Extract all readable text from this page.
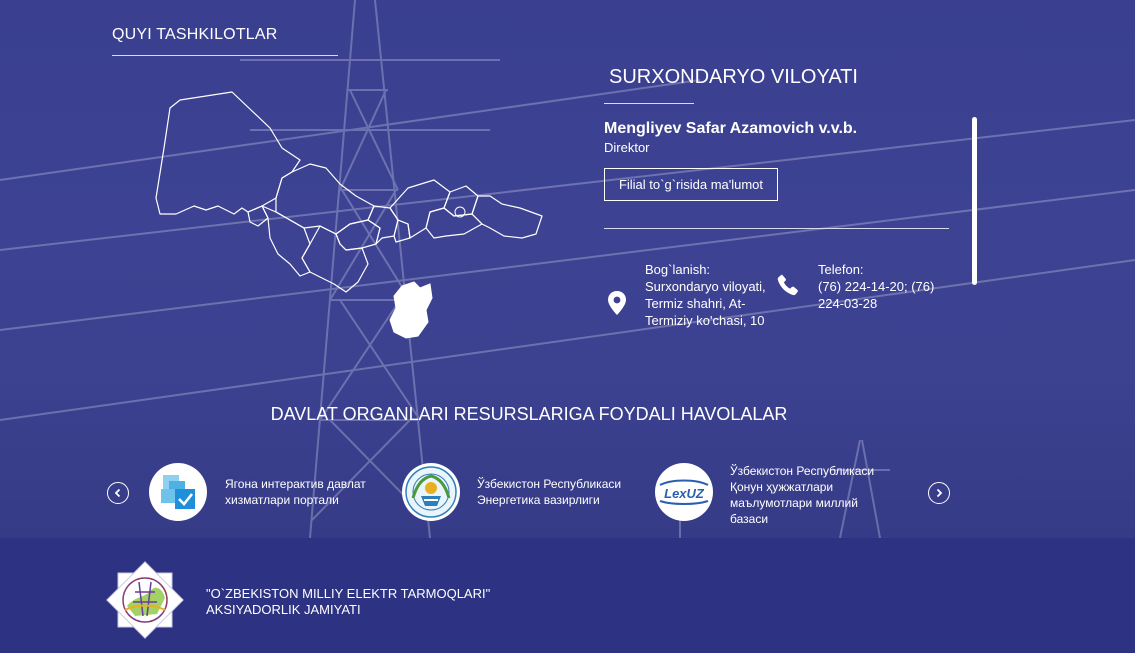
QUYI TASHKILOTLAR
SURXONDARYO VILOYATI
Mengliyev Safar Azamovich v.v.b.
Direktor
Filial to`g`risida ma'lumot
Bog`lanish:
Surxondaryo viloyati,
Termiz shahri, At-
Termiziy ko'chasi, 10
Telefon:
(76) 224-14-20; (76)
224-03-28
DAVLAT ORGANLARI RESURSLARIGA FOYDALI HAVOLALAR
Ягона интерактив давлат
хизматлари портали
Ўзбекистон Республикаси
Энергетика вазирлиги	LexUZ
Ўзбекистон Республикаси
Қонун ҳужжатлари
маълумотлари миллий
базаси
"O`ZBEKISTON MILLIY ELEKTR TARMOQLARI"
AKSIYADORLIK JAMIYATI
